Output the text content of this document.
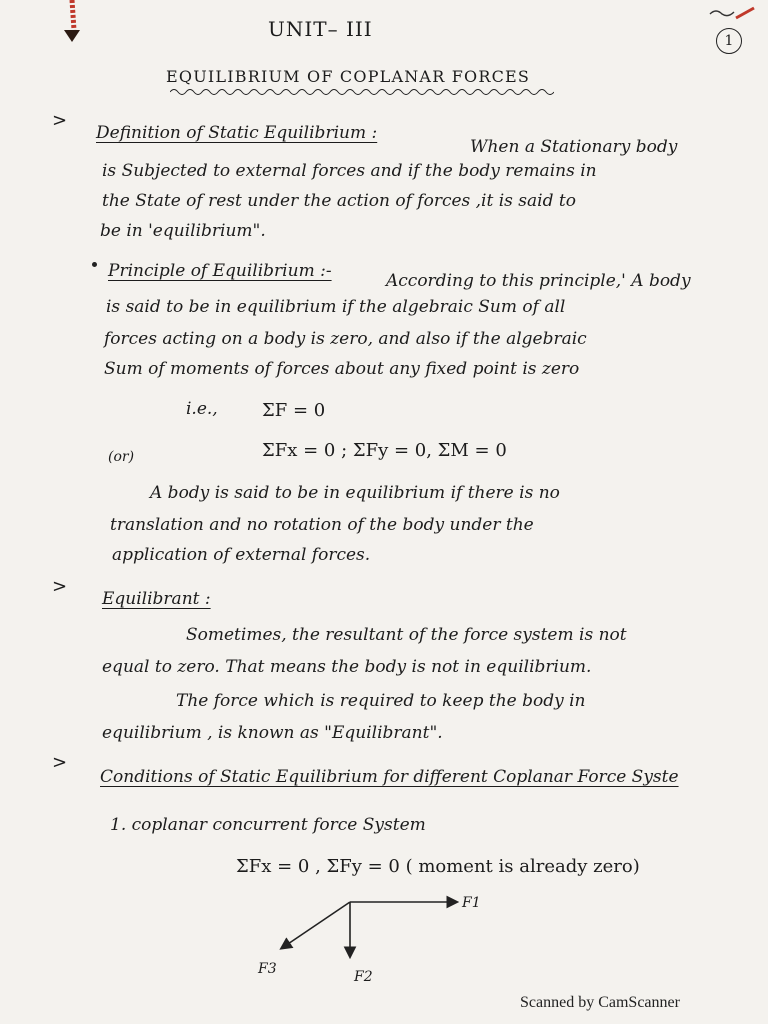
1
UNIT– III
EQUILIBRIUM OF COPLANAR FORCES
>
Definition of Static Equilibrium :
When a Stationary body
is Subjected to external forces and if the body remains in
the State of rest under the action of forces ,it is said to
be in 'equilibrium".
Principle of Equilibrium :-	According to this principle,' A body
is said to be in equilibrium if the algebraic Sum of all
forces acting on a body is zero, and also if the algebraic
Sum of moments of forces about any fixed point is zero
i.e., ΣF = 0
(or)	ΣFx = 0 ; ΣFy = 0, ΣM = 0
A body is said to be in equilibrium if there is no
translation and no rotation of the body under the
application of external forces.
>
Equilibrant :
Sometimes, the resultant of the force system is not
equal to zero. That means the body is not in equilibrium.
The force which is required to keep the body in
equilibrium , is known as "Equilibrant".
>
Conditions of Static Equilibrium for different Coplanar Force Syste
1. coplanar concurrent force System
ΣFx = 0 , ΣFy = 0 ( moment is already zero)
F1
F2
F3
Scanned by CamScanner
